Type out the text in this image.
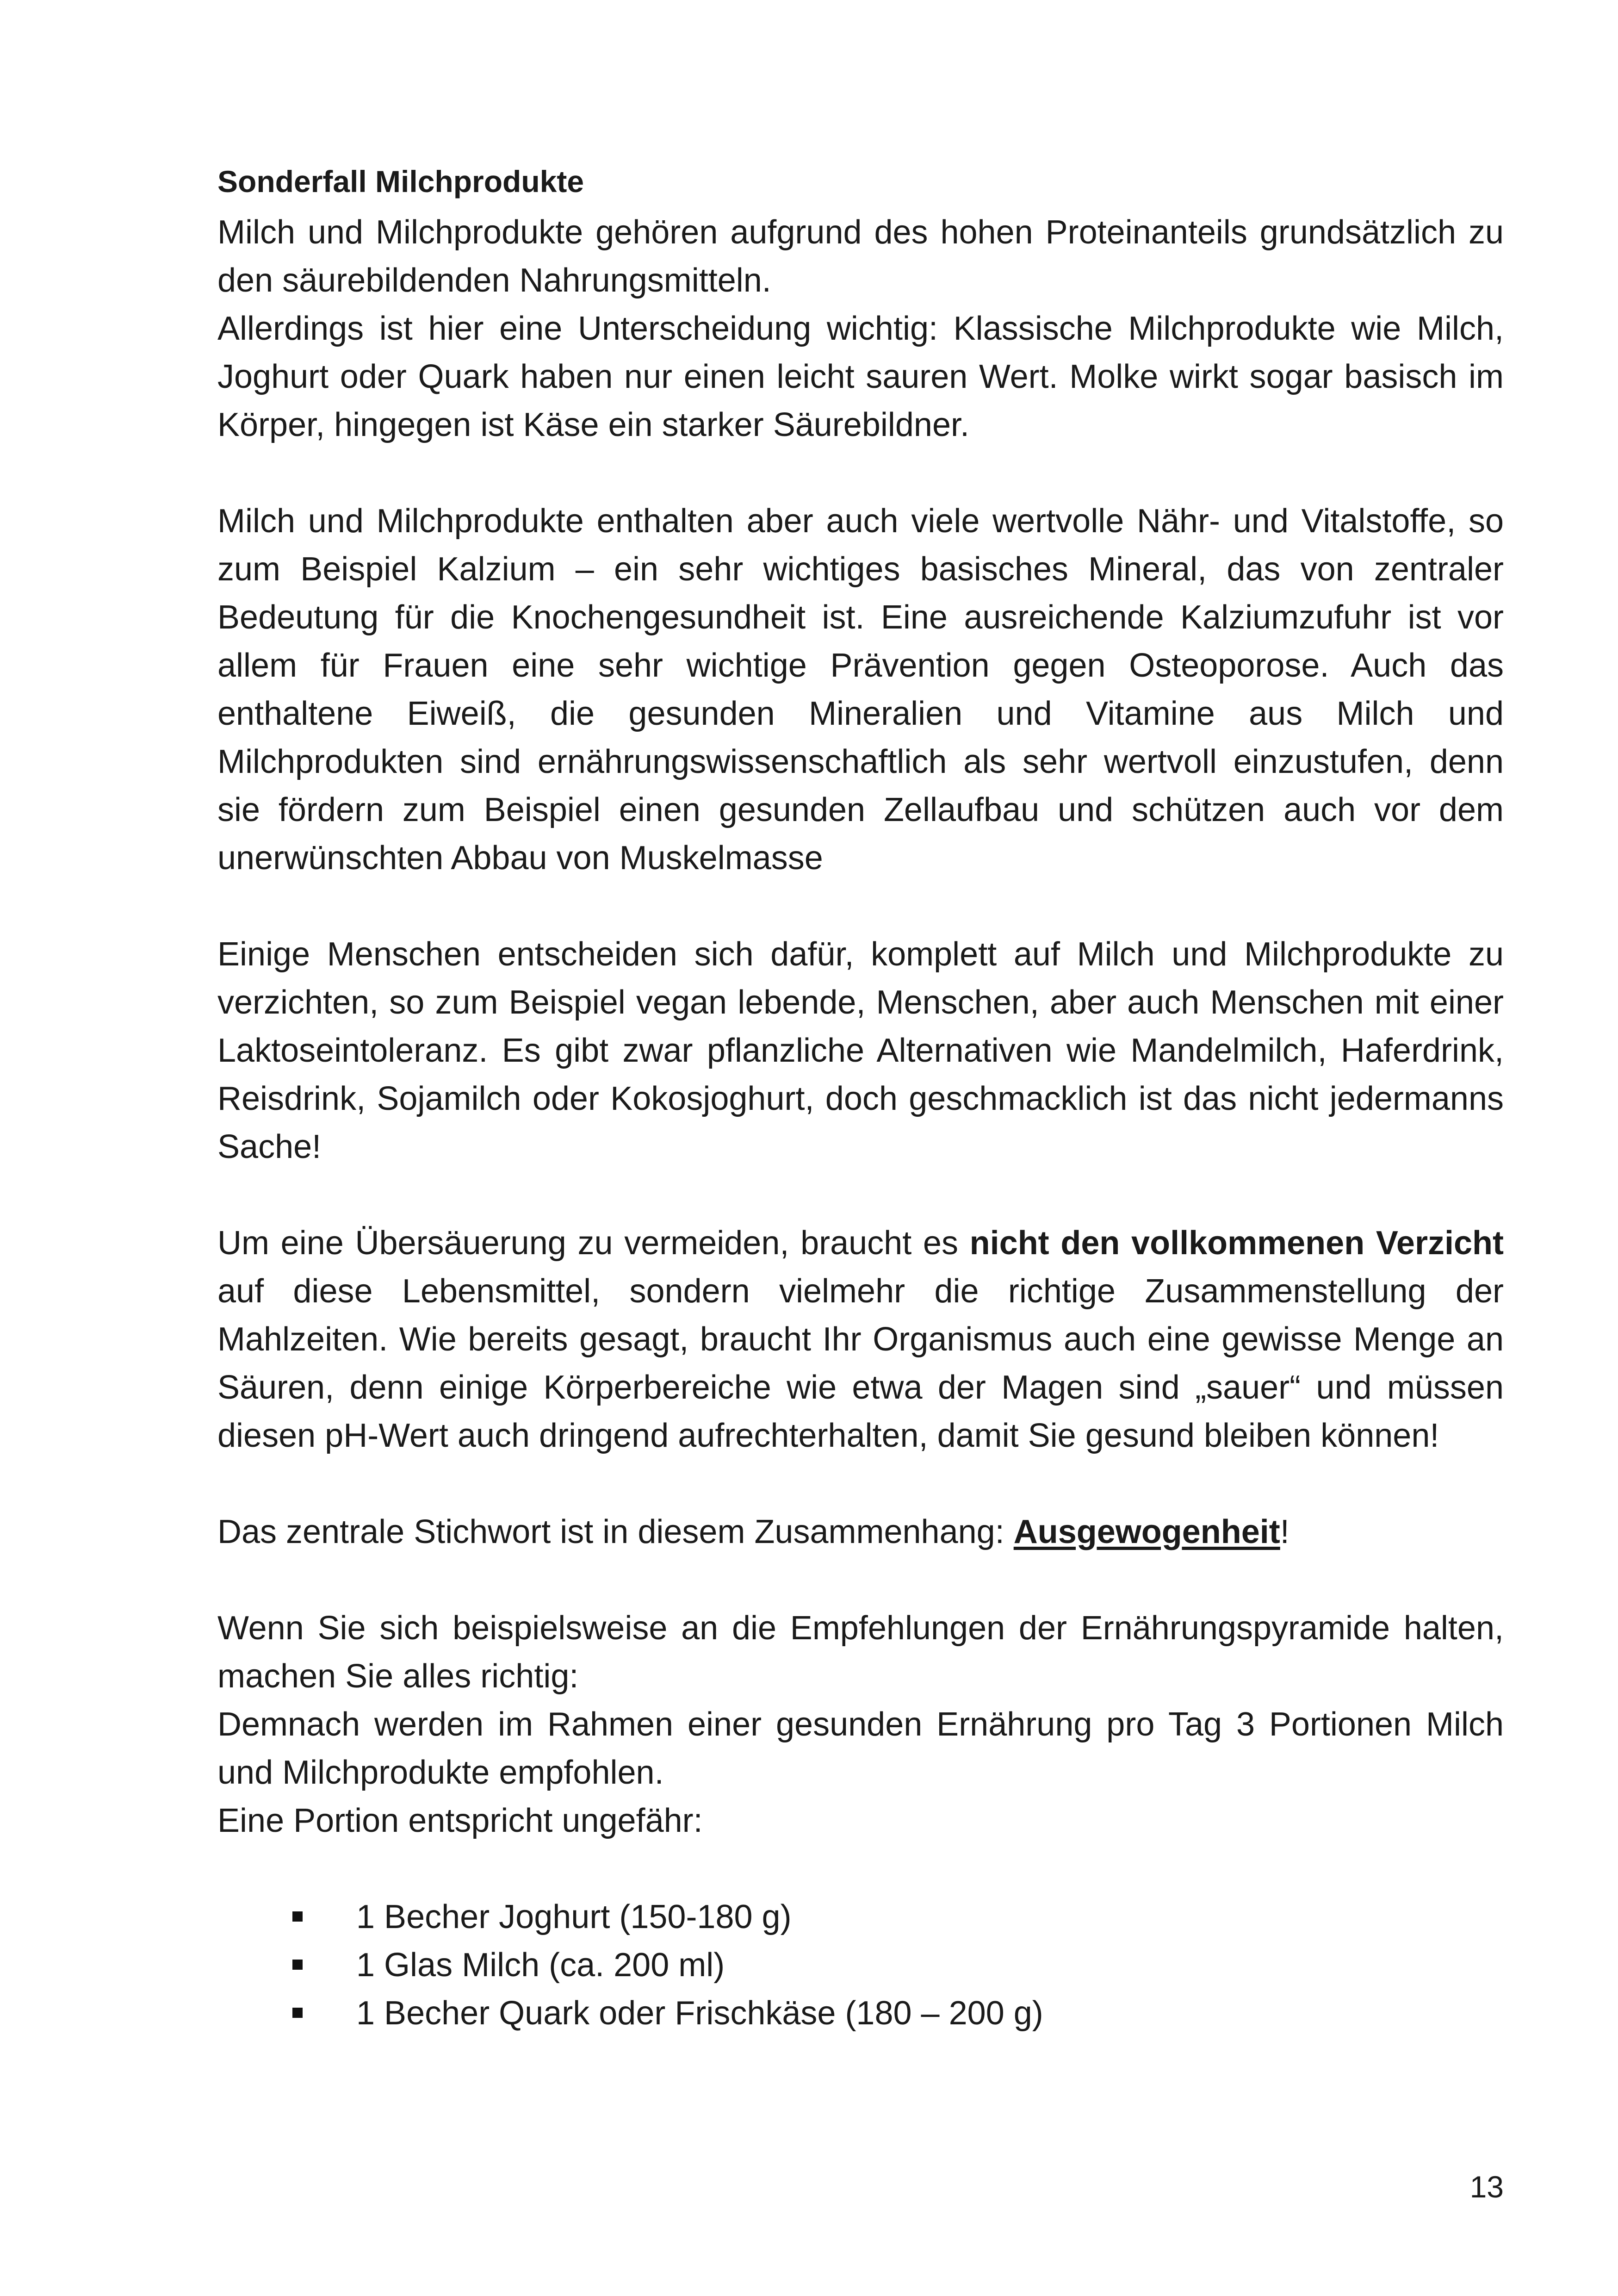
Sonderfall Milchprodukte

Milch und Milchprodukte gehören aufgrund des hohen Proteinanteils grundsätzlich zu den säurebildenden Nahrungsmitteln.

Allerdings ist hier eine Unterscheidung wichtig: Klassische Milchprodukte wie Milch, Joghurt oder Quark haben nur einen leicht sauren Wert. Molke wirkt sogar basisch im Körper, hingegen ist Käse ein starker Säurebildner.

Milch und Milchprodukte enthalten aber auch viele wertvolle Nähr- und Vitalstoffe, so zum Beispiel Kalzium – ein sehr wichtiges basisches Mineral, das von zentraler Bedeutung für die Knochengesundheit ist. Eine ausreichende Kalziumzufuhr ist vor allem für Frauen eine sehr wichtige Prävention gegen Osteoporose. Auch das enthaltene Eiweiß, die gesunden Mineralien und Vitamine aus Milch und Milchprodukten sind ernährungswissenschaftlich als sehr wertvoll einzustufen, denn sie fördern zum Beispiel einen gesunden Zellaufbau und schützen auch vor dem unerwünschten Abbau von Muskelmasse

Einige Menschen entscheiden sich dafür, komplett auf Milch und Milchprodukte zu verzichten, so zum Beispiel vegan lebende, Menschen, aber auch Menschen mit einer Laktoseintoleranz. Es gibt zwar pflanzliche Alternativen wie Mandelmilch, Haferdrink, Reisdrink, Sojamilch oder Kokosjoghurt, doch geschmacklich ist das nicht jedermanns Sache!

Um eine Übersäuerung zu vermeiden, braucht es nicht den vollkommenen Verzicht auf diese Lebensmittel, sondern vielmehr die richtige Zusammenstellung der Mahlzeiten. Wie bereits gesagt, braucht Ihr Organismus auch eine gewisse Menge an Säuren, denn einige Körperbereiche wie etwa der Magen sind „sauer“ und müssen diesen pH-Wert auch dringend aufrechterhalten, damit Sie gesund bleiben können!

Das zentrale Stichwort ist in diesem Zusammenhang: Ausgewogenheit!

Wenn Sie sich beispielsweise an die Empfehlungen der Ernährungspyramide halten, machen Sie alles richtig:

Demnach werden im Rahmen einer gesunden Ernährung pro Tag 3 Portionen Milch und Milchprodukte empfohlen.

Eine Portion entspricht ungefähr:

1 Becher Joghurt (150-180 g)
1 Glas Milch (ca. 200 ml)
1 Becher Quark oder Frischkäse (180 – 200 g)
13
